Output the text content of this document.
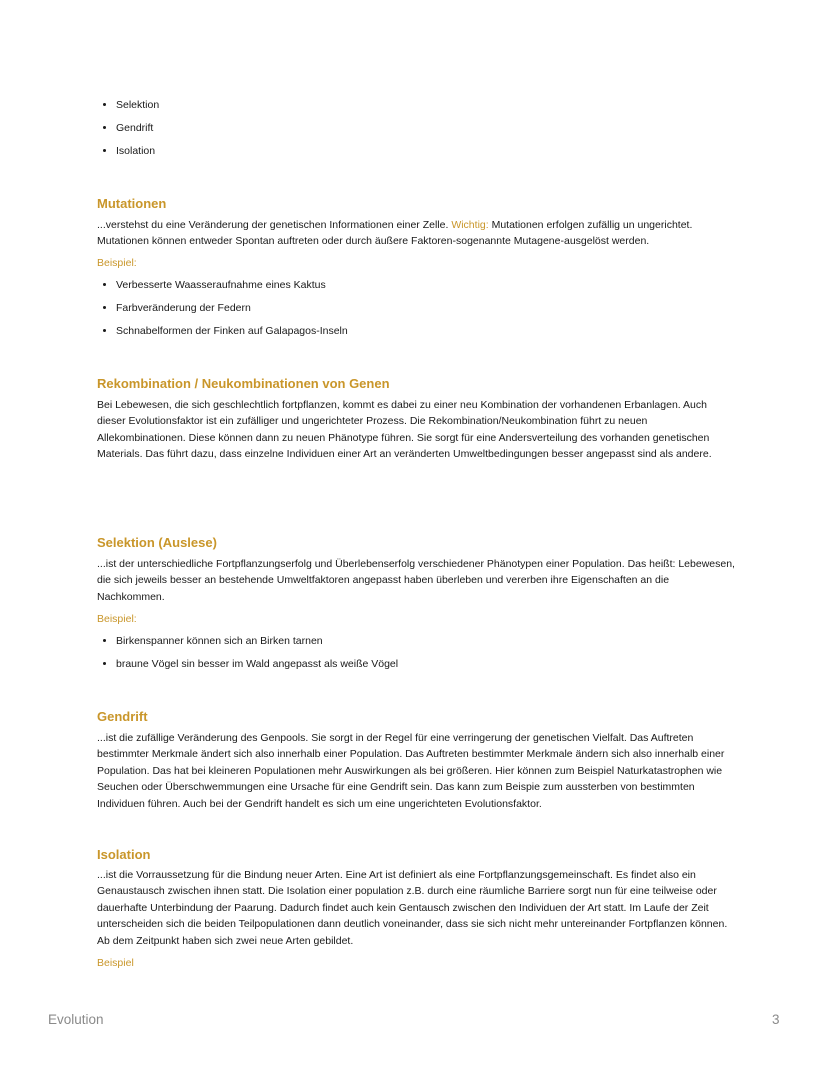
• Selektion
• Gendrift
• Isolation
Mutationen

...verstehst du eine Veränderung der genetischen Informationen einer Zelle. Wichtig: Mutationen erfolgen zufällig un ungerichtet. Mutationen können entweder Spontan auftreten oder durch äußere Faktoren-sogenannte Mutagene-ausgelöst werden.

Beispiel:
• Verbesserte Waasseraufnahme eines Kaktus
• Farbveränderung der Federn
• Schnabelformen der Finken auf Galapagos-Inseln
Rekombination / Neukombinationen von Genen

Bei Lebewesen, die sich geschlechtlich fortpflanzen, kommt es dabei zu einer neu Kombination der vorhandenen Erbanlagen. Auch dieser Evolutionsfaktor ist ein zufälliger und ungerichteter Prozess. Die Rekombination/Neukombination führt zu neuen Allekombinationen. Diese können dann zu neuen Phänotype führen. Sie sorgt für eine Andersverteilung des vorhanden genetischen Materials. Das führt dazu, dass einzelne Individuen einer Art an veränderten Umweltbedingungen besser angepasst sind als andere.

Selektion (Auslese)

...ist der unterschiedliche Fortpflanzungserfolg und Überlebenserfolg verschiedener Phänotypen einer Population. Das heißt: Lebewesen, die sich jeweils besser an bestehende Umweltfaktoren angepasst haben überleben und vererben ihre Eigenschaften an die Nachkommen.

Beispiel:
• Birkenspanner können sich an Birken tarnen
• braune Vögel sin besser im Wald angepasst als weiße Vögel
Gendrift

...ist die zufällige Veränderung des Genpools. Sie sorgt in der Regel für eine verringerung der genetischen Vielfalt. Das Auftreten bestimmter Merkmale ändert sich also innerhalb einer Population. Das Auftreten bestimmter Merkmale ändern sich also innerhalb einer Population. Das hat bei kleineren Populationen mehr Auswirkungen als bei größeren. Hier können zum Beispiel Naturkatastrophen wie Seuchen oder Überschwemmungen eine Ursache für eine Gendrift sein. Das kann zum Beispie zum aussterben von bestimmten Individuen führen. Auch bei der Gendrift handelt es sich um eine ungerichteten Evolutionsfaktor.

Isolation

...ist die Vorraussetzung für die Bindung neuer Arten. Eine Art ist definiert als eine Fortpflanzungsgemeinschaft. Es findet also ein Genaustausch zwischen ihnen statt. Die Isolation einer population z.B. durch eine räumliche Barriere sorgt nun für eine teilweise oder dauerhafte Unterbindung der Paarung. Dadurch findet auch kein Gentausch zwischen den Individuen der Art statt. Im Laufe der Zeit unterscheiden sich die beiden Teilpopulationen dann deutlich voneinander, dass sie sich nicht mehr untereinander Fortpflanzen können. Ab dem Zeitpunkt haben sich zwei neue Arten gebildet.

Beispiel
Evolution	3
